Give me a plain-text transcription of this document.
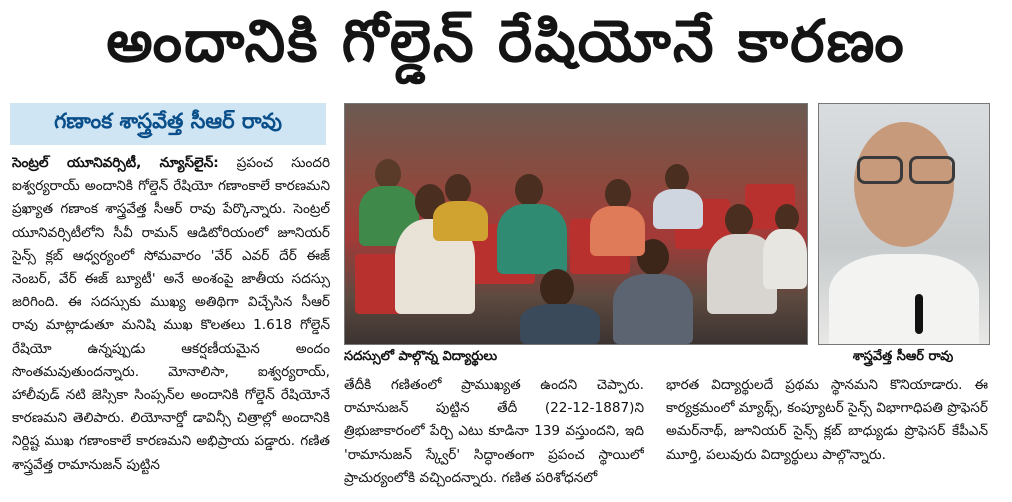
అందానికి గోల్డెన్ రేషియోనే కారణం
గణాంక శాస్త్రవేత్త సీఆర్ రావు
సెంట్రల్ యూనివర్సిటీ, న్యూస్‌లైన్: ప్రపంచ సుందరి ఐశ్వర్యరాయ్ అందానికి గోల్డెన్ రేషియో గణాంకాలే కారణమని ప్రఖ్యాత గణాంక శాస్త్రవేత్త సీఆర్ రావు పేర్కొన్నారు. సెంట్రల్ యూనివర్సిటీలోని సీవీ రామన్ ఆడిటోరియంలో జూనియర్ సైన్స్ క్లబ్ ఆధ్వర్యంలో సోమవారం 'వేర్ ఎవర్ దేర్ ఈజ్ నెంబర్, వేర్ ఈజ్ బ్యూటీ' అనే అంశంపై జాతీయ సదస్సు జరిగింది. ఈ సదస్సుకు ముఖ్య అతిథిగా విచ్చేసిన సీఆర్ రావు మాట్లాడుతూ మనిషి ముఖ కొలతలు 1.618 గోల్డెన్ రేషియో ఉన్నప్పుడు ఆకర్షణీయమైన అందం సొంతమవుతుందన్నారు. మోనాలిసా, ఐశ్వర్యరాయ్, హాలీవుడ్ నటి జెస్సికా సింప్సన్‌ల అందానికి గోల్డెన్ రేషియోనే కారణమని తెలిపారు. లియోనార్డో డావిన్సీ చిత్రాల్లో అందానికి నిర్దిష్ట ముఖ గణాంకాలే కారణమని అభిప్రాయ పడ్డారు. గణిత శాస్త్రవేత్త రామానుజన్ పుట్టిన
సదస్సులో పాల్గొన్న విద్యార్థులు	శాస్త్రవేత్త సీఆర్ రావు
తేదీకి గణితంలో ప్రాముఖ్యత ఉందని చెప్పారు. రామానుజన్ పుట్టిన తేదీ (22-12-1887)ని త్రిభుజాకారంలో పేర్చి ఎటు కూడినా 139 వస్తుందని, ఇది 'రామానుజన్ స్క్వేర్' సిద్ధాంతంగా ప్రపంచ స్థాయిలో ప్రాచుర్యంలోకి వచ్చిందన్నారు. గణిత పరిశోధనలో
భారత విద్యార్థులదే ప్రథమ స్థానమని కొనియాడారు. ఈ కార్యక్రమంలో మ్యాథ్స్, కంప్యూటర్ సైన్స్ విభాగాధిపతి ప్రొఫెసర్ అమర్‌నాథ్, జూనియర్ సైన్స్ క్లబ్ బాధ్యుడు ప్రొఫెసర్ కేపీఎన్ మూర్తి, పలువురు విద్యార్థులు పాల్గొన్నారు.
